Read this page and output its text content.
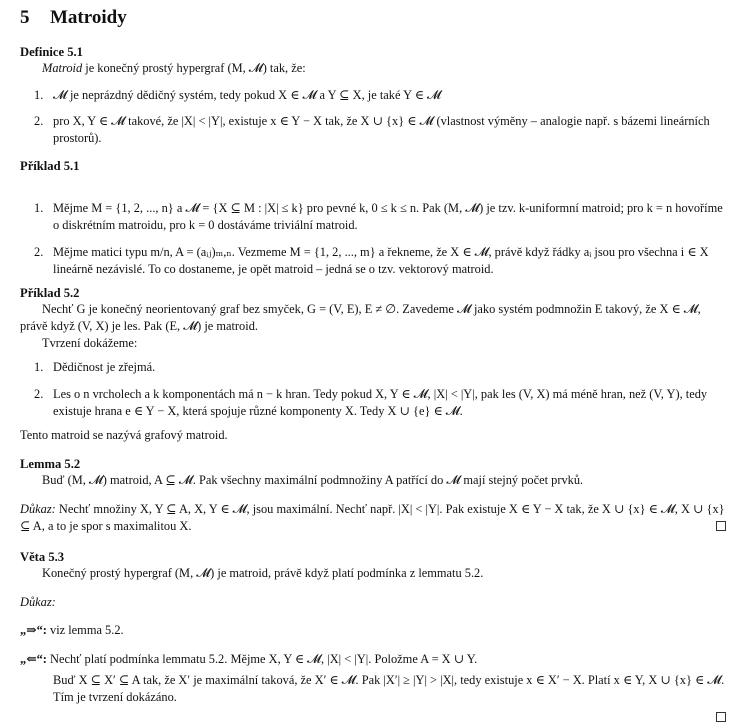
5 Matroidy

Definice 5.1

Matroid je konečný prostý hypergraf (M, 𝓜) tak, že:

1. 𝓜 je neprázdný dědičný systém, tedy pokud X ∈ 𝓜 a Y ⊆ X, je také Y ∈ 𝓜
2. pro X, Y ∈ 𝓜 takové, že |X| < |Y|, existuje x ∈ Y − X tak, že X ∪ {x} ∈ 𝓜 (vlastnost výměny – analogie např. s bázemi lineárních prostorů).

Příklad 5.1

1. Mějme M = {1, 2, ..., n} a 𝓜 = {X ⊆ M : |X| ≤ k} pro pevné k, 0 ≤ k ≤ n. Pak (M, 𝓜) je tzv. k-uniformní matroid; pro k = n hovoříme o diskrétním matroidu, pro k = 0 dostáváme triviální matroid.
2. Mějme matici typu m/n, A = (aᵢⱼ)ₘ,ₙ. Vezmeme M = {1, 2, ..., m} a řekneme, že X ∈ 𝓜, právě když řádky aᵢ jsou pro všechna i ∈ X lineárně nezávislé. To co dostaneme, je opět matroid – jedná se o tzv. vektorový matroid.

Příklad 5.2

Nechť G je konečný neorientovaný graf bez smyček, G = (V, E), E ≠ ∅. Zavedeme 𝓜 jako systém podmnožin E takový, že X ∈ 𝓜, právě když (V, X) je les. Pak (E, 𝓜) je matroid.

Tvrzení dokážeme:

1. Dědičnost je zřejmá.
2. Les o n vrcholech a k komponentách má n − k hran. Tedy pokud X, Y ∈ 𝓜, |X| < |Y|, pak les (V, X) má méně hran, než (V, Y), tedy existuje hrana e ∈ Y − X, která spojuje různé komponenty X. Tedy X ∪ {e} ∈ 𝓜.

Tento matroid se nazývá grafový matroid.

Lemma 5.2

Buď (M, 𝓜) matroid, A ⊆ 𝓜. Pak všechny maximální podmnožiny A patřící do 𝓜 mají stejný počet prvků.

Důkaz: Nechť množiny X, Y ⊆ A, X, Y ∈ 𝓜, jsou maximální. Nechť např. |X| < |Y|. Pak existuje X ∈ Y − X tak, že X ∪ {x} ∈ 𝓜, X ∪ {x} ⊆ A, a to je spor s maximalitou X.

Věta 5.3

Konečný prostý hypergraf (M, 𝓜) je matroid, právě když platí podmínka z lemmatu 5.2.

Důkaz:

„⇒“: viz lemma 5.2.

„⇐“: Nechť platí podmínka lemmatu 5.2. Mějme X, Y ∈ 𝓜, |X| < |Y|. Položme A = X ∪ Y.

Buď X ⊆ X′ ⊆ A tak, že X′ je maximální taková, že X′ ∈ 𝓜. Pak |X′| ≥ |Y| > |X|, tedy existuje x ∈ X′ − X. Platí x ∈ Y, X ∪ {x} ∈ 𝓜. Tím je tvrzení dokázáno.
